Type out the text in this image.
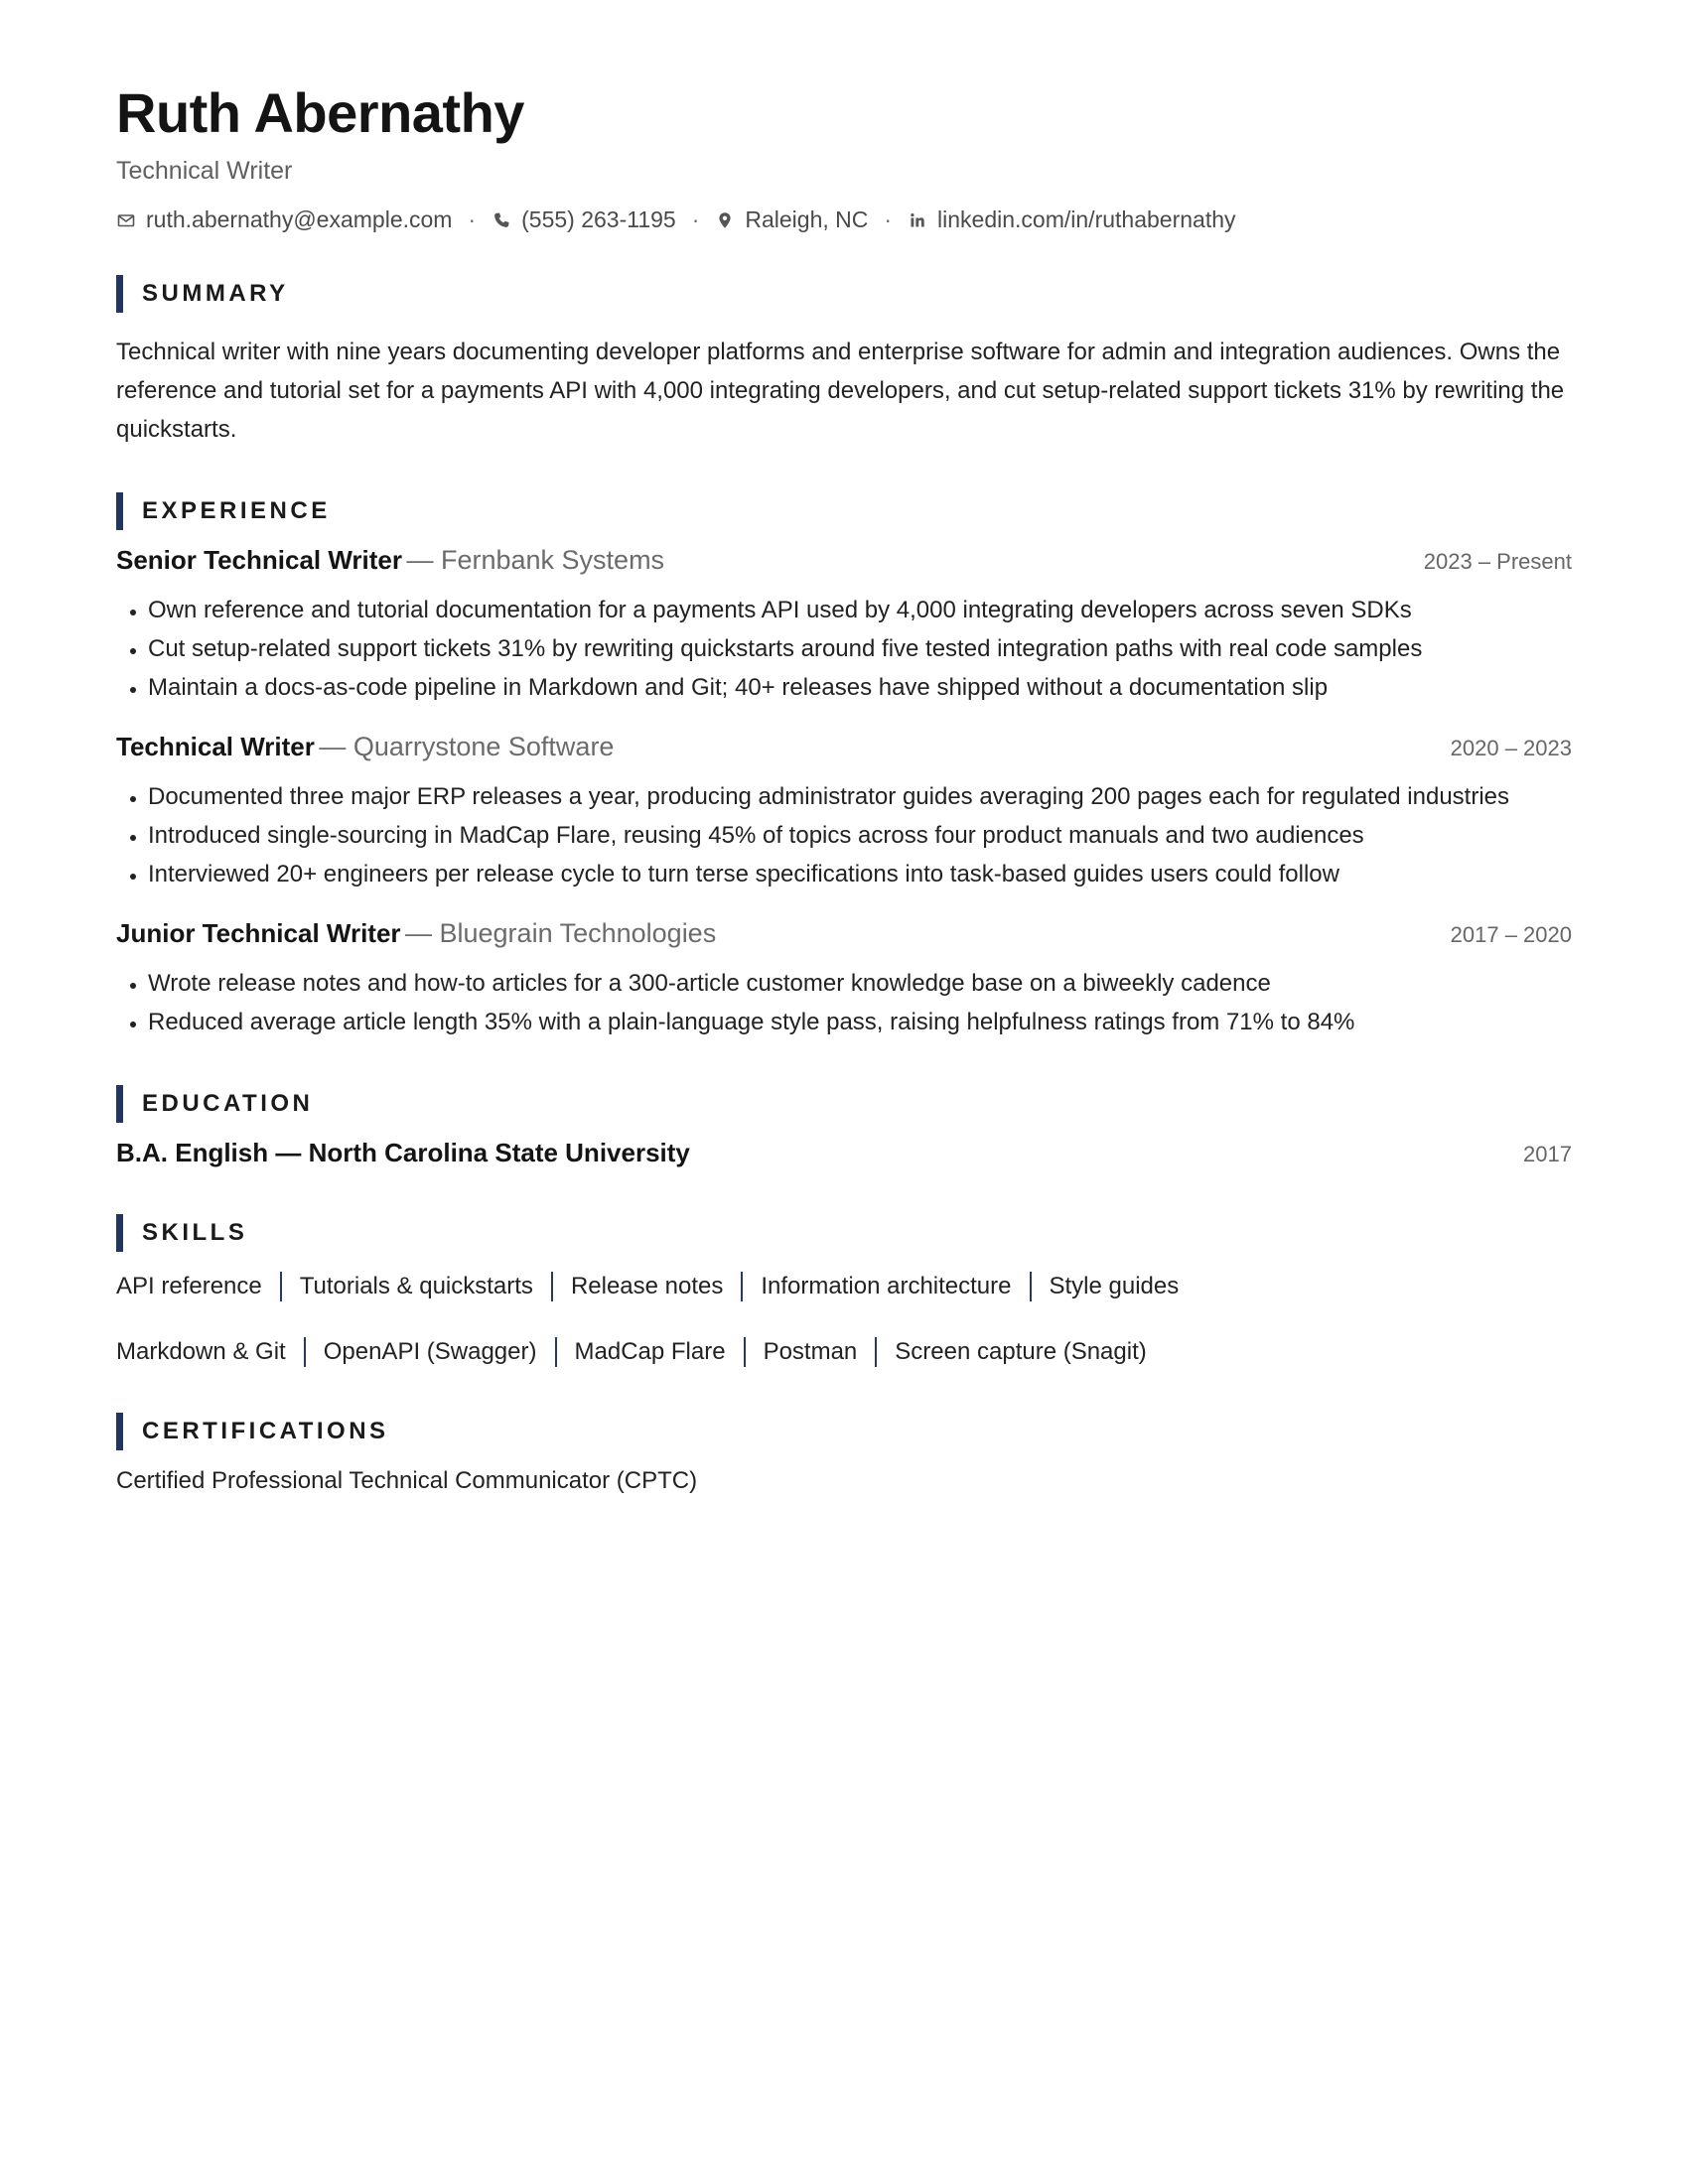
Ruth Abernathy
Technical Writer
ruth.abernathy@example.com · (555) 263-1195 · Raleigh, NC · linkedin.com/in/ruthabernathy
SUMMARY

Technical writer with nine years documenting developer platforms and enterprise software for admin and integration audiences. Owns the reference and tutorial set for a payments API with 4,000 integrating developers, and cut setup-related support tickets 31% by rewriting the quickstarts.

EXPERIENCE
Senior Technical Writer — Fernbank Systems	2023 – Present
• Own reference and tutorial documentation for a payments API used by 4,000 integrating developers across seven SDKs
• Cut setup-related support tickets 31% by rewriting quickstarts around five tested integration paths with real code samples
• Maintain a docs-as-code pipeline in Markdown and Git; 40+ releases have shipped without a documentation slip
Technical Writer — Quarrystone Software	2020 – 2023
• Documented three major ERP releases a year, producing administrator guides averaging 200 pages each for regulated industries
• Introduced single-sourcing in MadCap Flare, reusing 45% of topics across four product manuals and two audiences
• Interviewed 20+ engineers per release cycle to turn terse specifications into task-based guides users could follow
Junior Technical Writer — Bluegrain Technologies	2017 – 2020
• Wrote release notes and how-to articles for a 300-article customer knowledge base on a biweekly cadence
• Reduced average article length 35% with a plain-language style pass, raising helpfulness ratings from 71% to 84%
EDUCATION
B.A. English — North Carolina State University	2017
SKILLS
API reference Tutorials & quickstarts Release notes Information architecture Style guides
Markdown & Git OpenAPI (Swagger) MadCap Flare Postman Screen capture (Snagit)
CERTIFICATIONS
Certified Professional Technical Communicator (CPTC)
